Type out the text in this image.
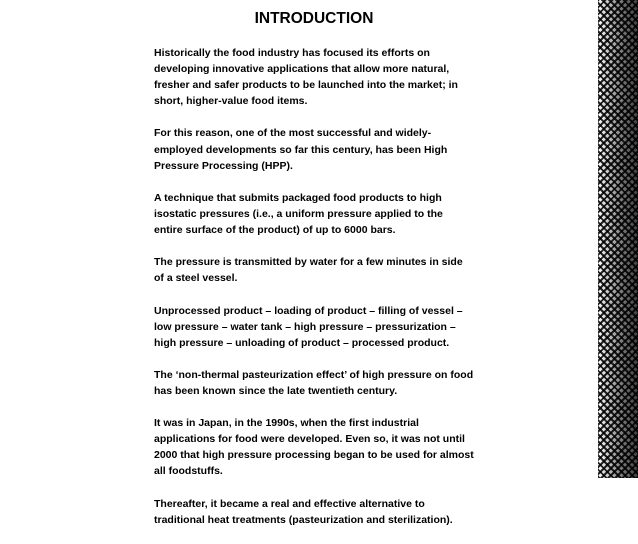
INTRODUCTION

Historically the food industry has focused its efforts on developing innovative applications that allow more natural, fresher and safer products to be launched into the market; in short, higher-value food items.

For this reason, one of the most successful and widely-employed developments so far this century, has been High Pressure Processing (HPP).

A technique that submits packaged food products to high isostatic pressures (i.e., a uniform pressure applied to the entire surface of the product) of up to 6000 bars.

The pressure is transmitted by water for a few minutes in side of a steel vessel.

Unprocessed product – loading of product – filling of vessel – low pressure – water tank – high pressure – pressurization – high pressure – unloading of product – processed product.

The ‘non-thermal pasteurization effect’ of high pressure on food has been known since the late twentieth century.

It was in Japan, in the 1990s, when the first industrial applications for food were developed. Even so, it was not until 2000 that high pressure processing began to be used for almost all foodstuffs.

Thereafter, it became a real and effective alternative to traditional heat treatments (pasteurization and sterilization).
